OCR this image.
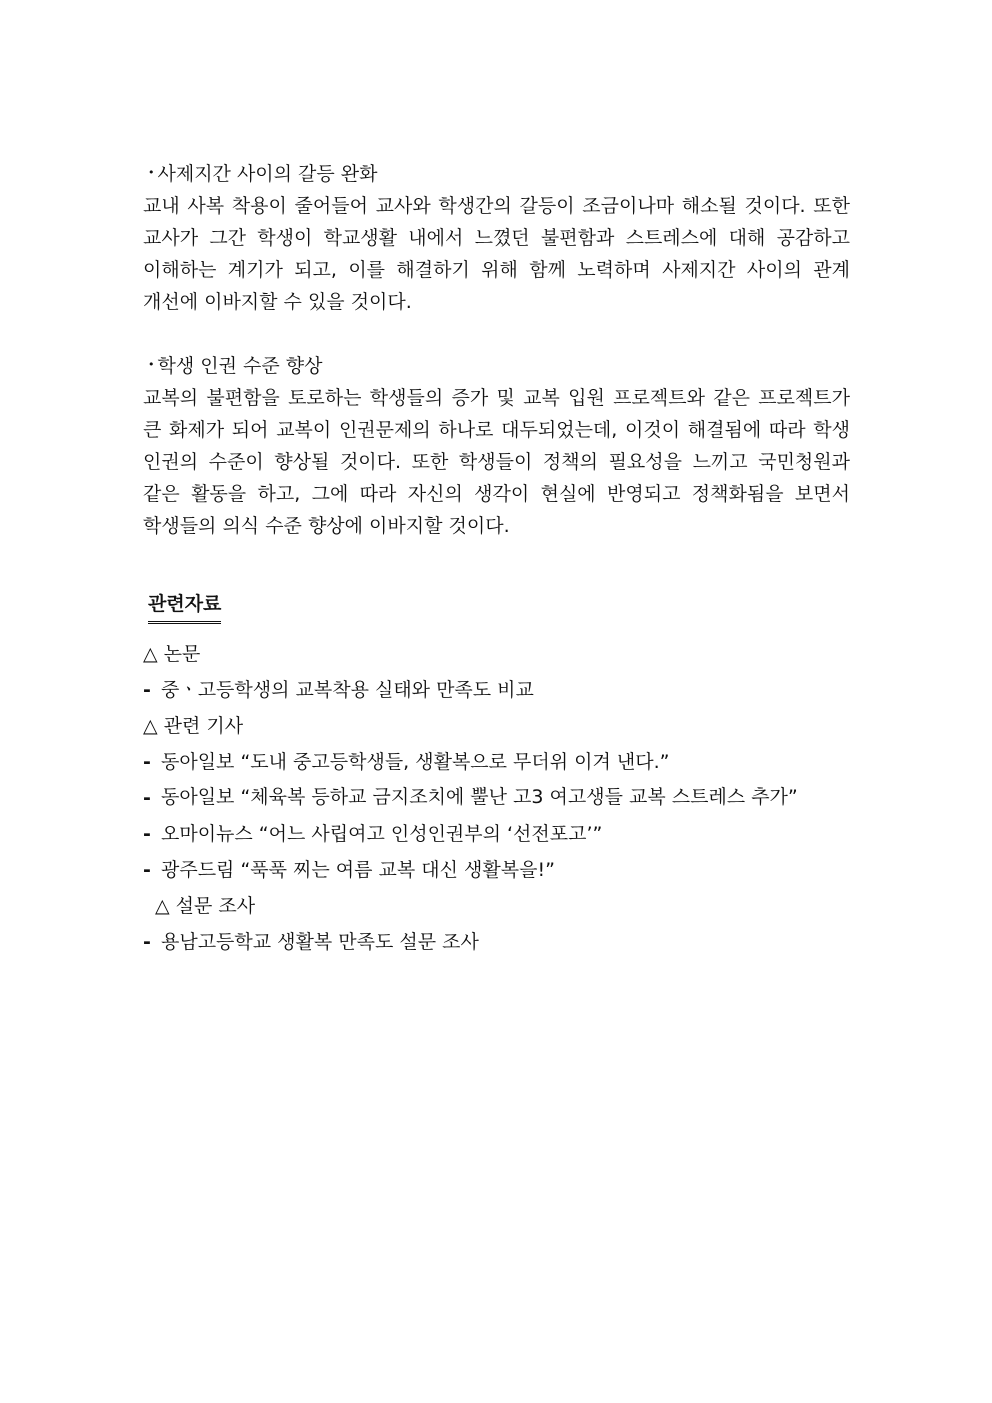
• 사제지간 사이의 갈등 완화

교내 사복 착용이 줄어들어 교사와 학생간의 갈등이 조금이나마 해소될 것이다. 또한 교사가 그간 학생이 학교생활 내에서 느꼈던 불편함과 스트레스에 대해 공감하고 이해하는 계기가 되고, 이를 해결하기 위해 함께 노력하며 사제지간 사이의 관계 개선에 이바지할 수 있을 것이다.

• 학생 인권 수준 향상

교복의 불편함을 토로하는 학생들의 증가 및 교복 입원 프로젝트와 같은 프로젝트가 큰 화제가 되어 교복이 인권문제의 하나로 대두되었는데, 이것이 해결됨에 따라 학생 인권의 수준이 향상될 것이다. 또한 학생들이 정책의 필요성을 느끼고 국민청원과 같은 활동을 하고, 그에 따라 자신의 생각이 현실에 반영되고 정책화됨을 보면서 학생들의 의식 수준 향상에 이바지할 것이다.

관련자료
△ 논문
- 중ㆍ고등학생의 교복착용 실태와 만족도 비교
△ 관련 기사
- 동아일보 “도내 중고등학생들, 생활복으로 무더위 이겨 낸다.”
- 동아일보 “체육복 등하교 금지조치에 뿔난 고3 여고생들 교복 스트레스 추가”
- 오마이뉴스 “어느 사립여고 인성인권부의 ‘선전포고’”
- 광주드림 “푹푹 찌는 여름 교복 대신 생활복을!”
△ 설문 조사
- 용남고등학교 생활복 만족도 설문 조사
